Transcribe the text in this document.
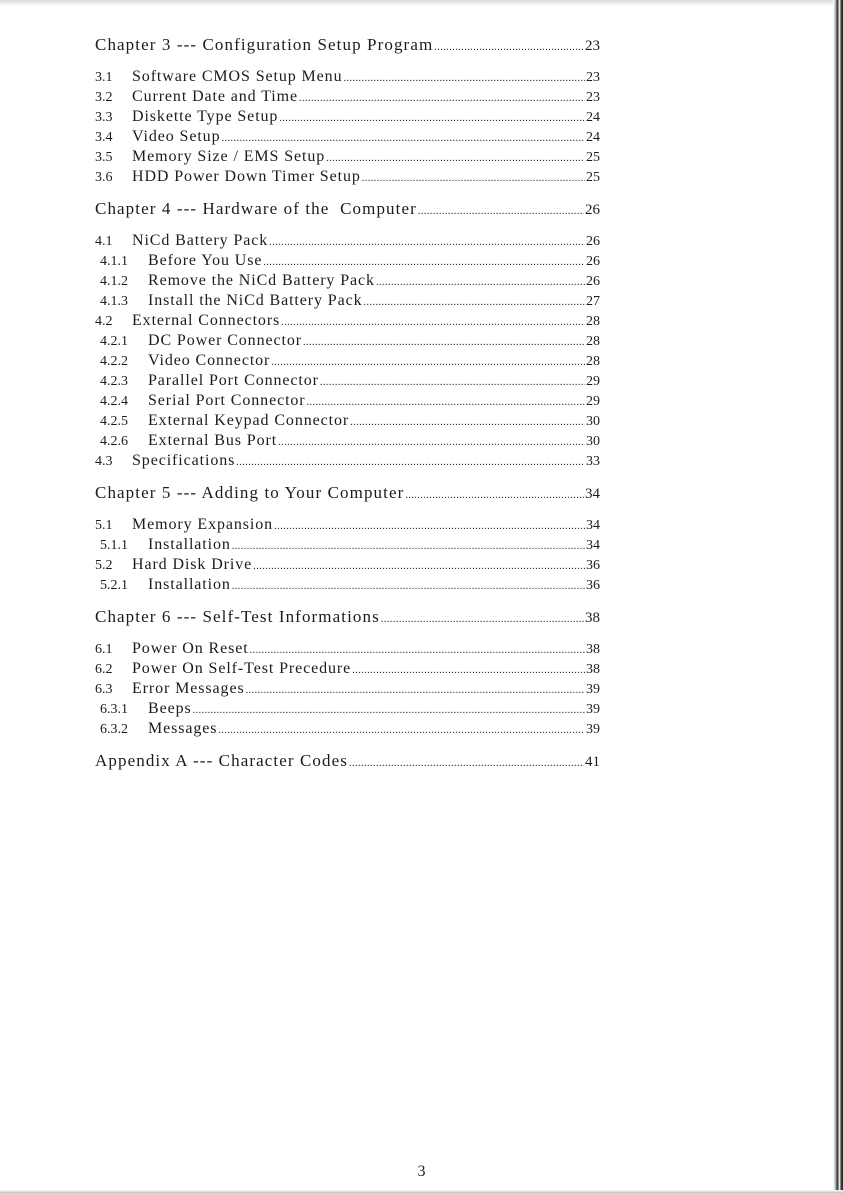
Chapter 3 --- Configuration Setup Program .....	23
3.1	Software CMOS Setup Menu .....	23
3.2	Current Date and Time .....	23
3.3	Diskette Type Setup .....	24
3.4	Video Setup .....	24
3.5	Memory Size / EMS Setup .....	25
3.6	HDD Power Down Timer Setup .....	25
Chapter 4 --- Hardware of the  Computer .....	26
4.1	NiCd Battery Pack .....	26
4.1.1	Before You Use .....	26
4.1.2	Remove the NiCd Battery Pack .....	26
4.1.3	Install the NiCd Battery Pack .....	27
4.2	External Connectors .....	28
4.2.1	DC Power Connector .....	28
4.2.2	Video Connector .....	28
4.2.3	Parallel Port Connector .....	29
4.2.4	Serial Port Connector .....	29
4.2.5	External Keypad Connector .....	30
4.2.6	External Bus Port .....	30
4.3	Specifications .....	33
Chapter 5 --- Adding to Your Computer .....	34
5.1	Memory Expansion .....	34
5.1.1	Installation .....	34
5.2	Hard Disk Drive .....	36
5.2.1	Installation .....	36
Chapter 6 --- Self-Test Informations .....	38
6.1	Power On Reset .....	38
6.2	Power On Self-Test Precedure .....	38
6.3	Error Messages .....	39
6.3.1	Beeps .....	39
6.3.2	Messages .....	39
Appendix A --- Character Codes .....	41
3
